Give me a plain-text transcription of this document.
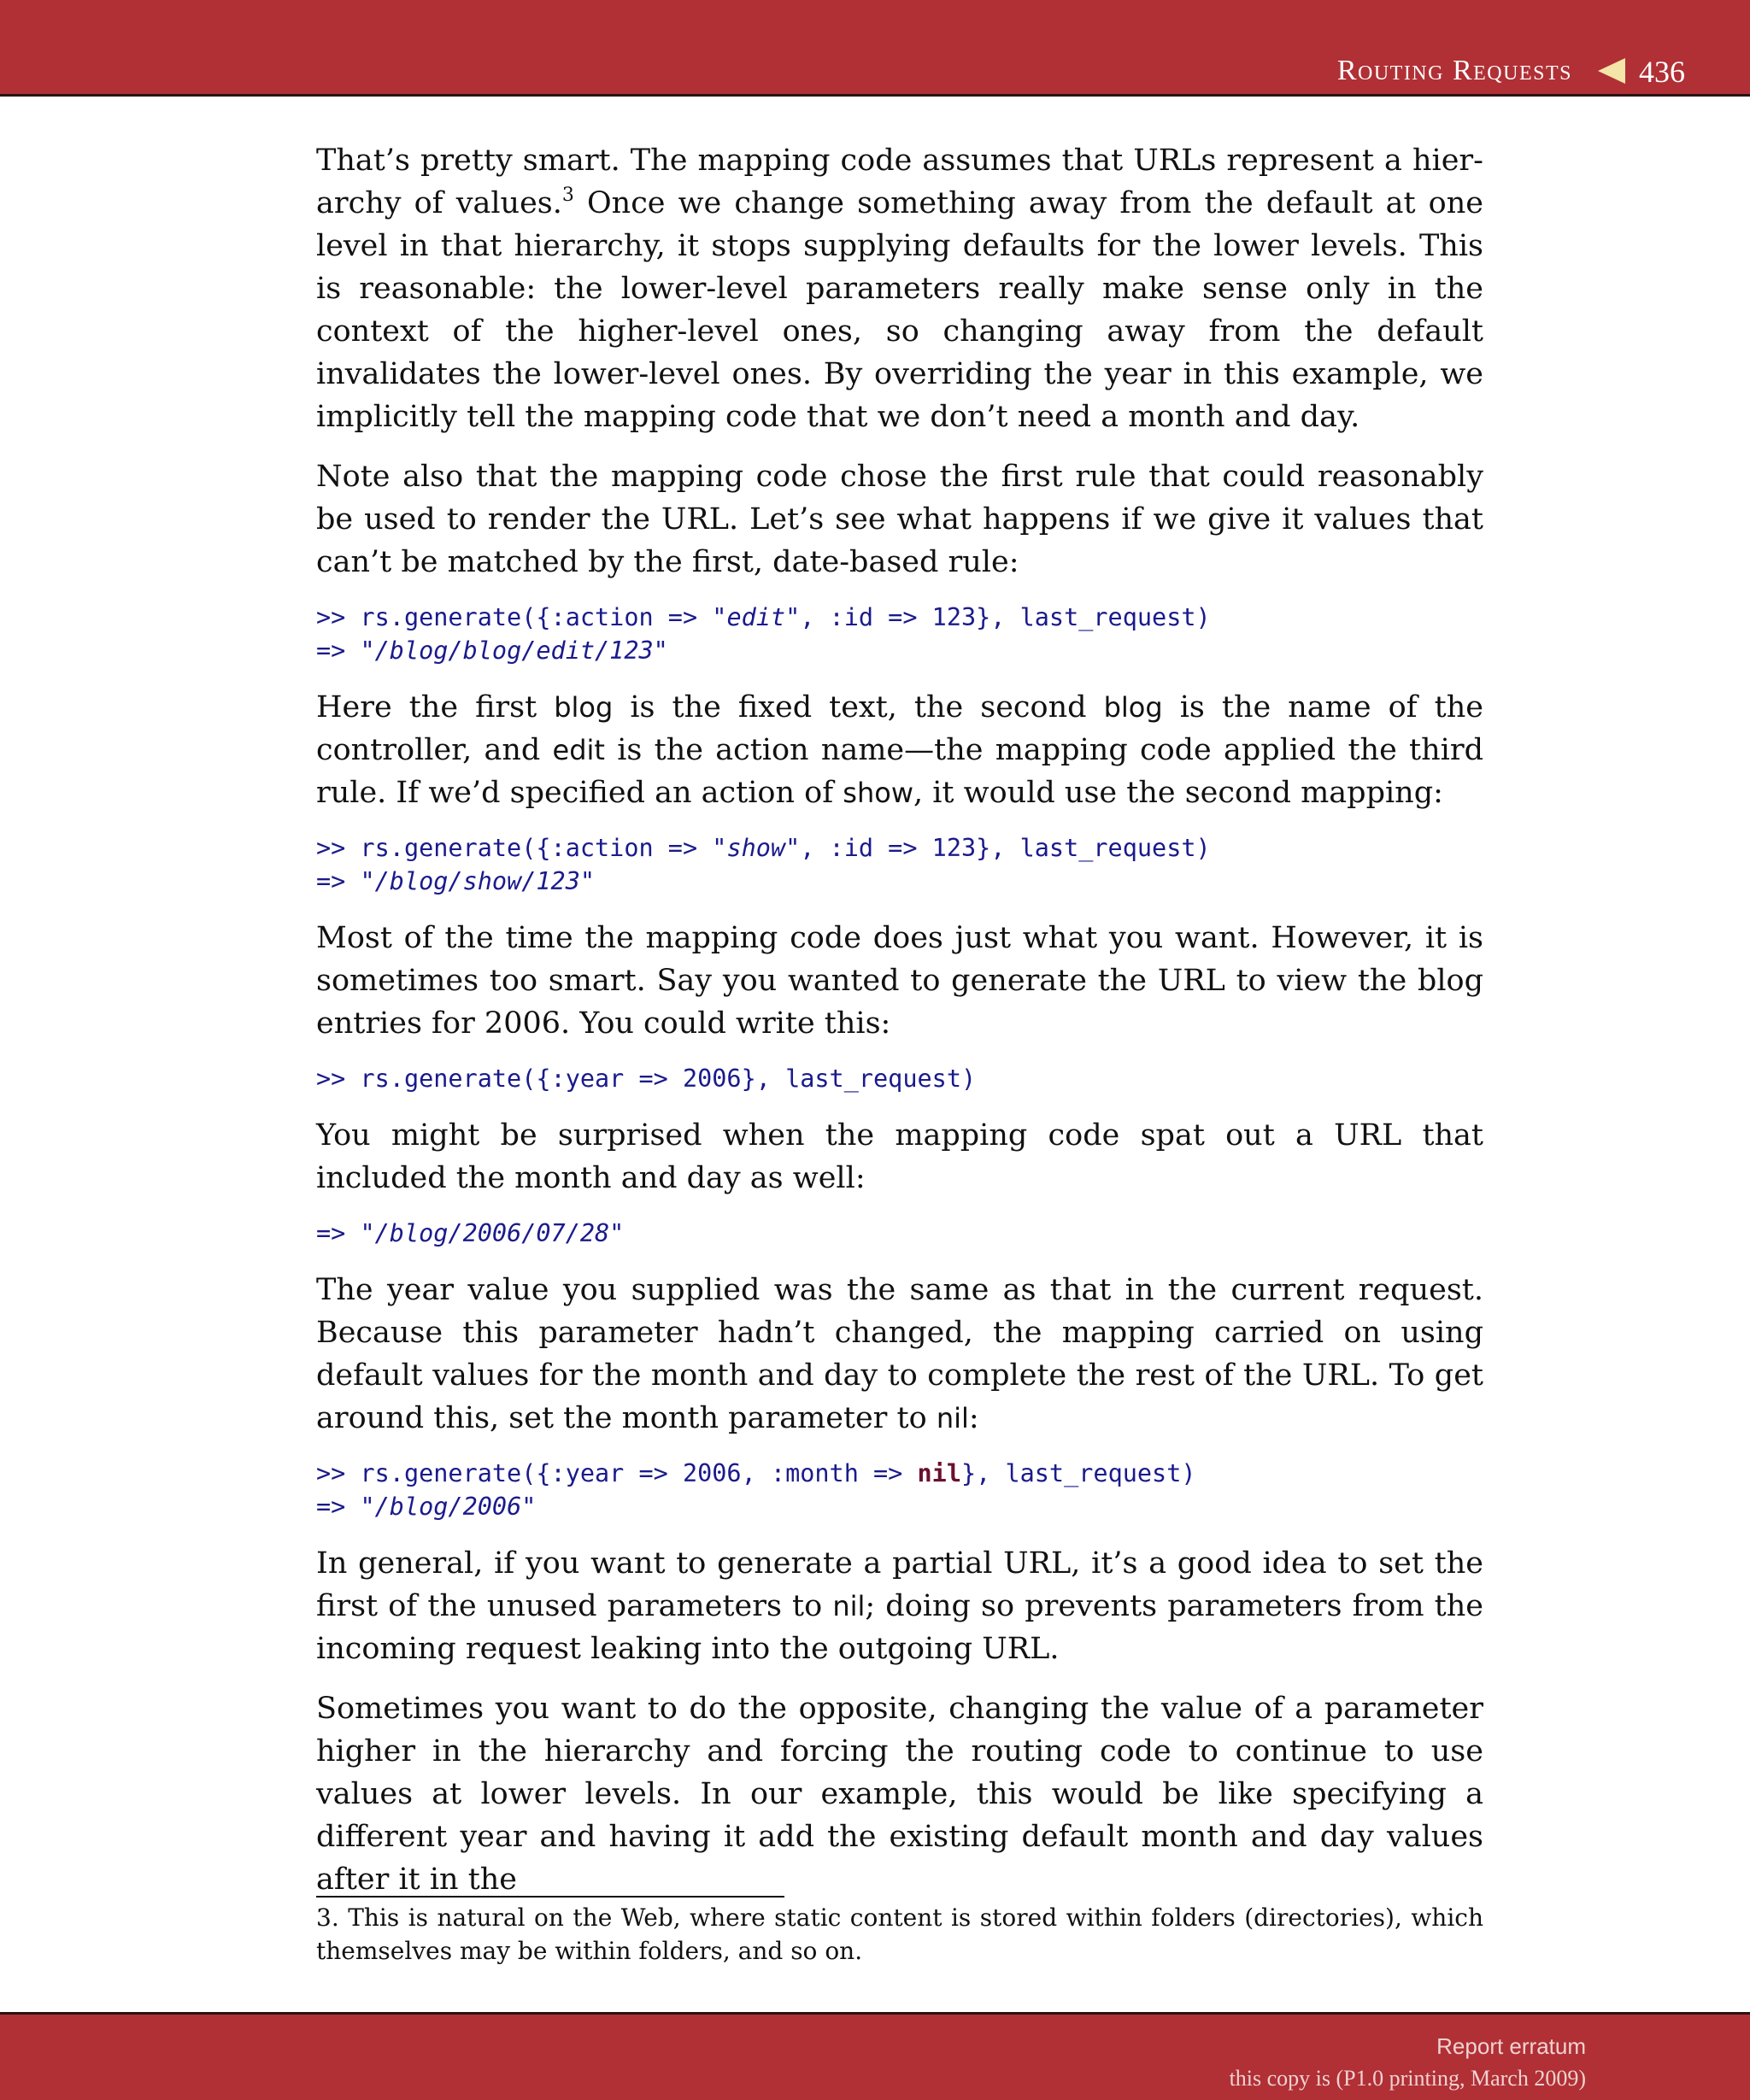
Routing Requests 436

That’s pretty smart. The mapping code assumes that URLs represent a hier-archy of values.$^3$ Once we change something away from the default at one level in that hierarchy, it stops supplying defaults for the lower levels. This is reasonable: the lower-level parameters really make sense only in the context of the higher-level ones, so changing away from the default invalidates the lower-level ones. By overriding the year in this example, we implicitly tell the mapping code that we don’t need a month and day.

Note also that the mapping code chose the first rule that could reasonably be used to render the URL. Let’s see what happens if we give it values that can’t be matched by the first, date-based rule:

>> rs.generate({:action => "edit", :id => 123}, last_request)
=> "/blog/blog/edit/123"

Here the first blog is the fixed text, the second blog is the name of the controller, and edit is the action name—the mapping code applied the third rule. If we’d specified an action of show, it would use the second mapping:

>> rs.generate({:action => "show", :id => 123}, last_request)
=> "/blog/show/123"

Most of the time the mapping code does just what you want. However, it is sometimes too smart. Say you wanted to generate the URL to view the blog entries for 2006. You could write this:

>> rs.generate({:year => 2006}, last_request)

You might be surprised when the mapping code spat out a URL that included the month and day as well:

=> "/blog/2006/07/28"

The year value you supplied was the same as that in the current request. Because this parameter hadn’t changed, the mapping carried on using default values for the month and day to complete the rest of the URL. To get around this, set the month parameter to nil:

>> rs.generate({:year => 2006, :month => nil}, last_request)
=> "/blog/2006"

In general, if you want to generate a partial URL, it’s a good idea to set the first of the unused parameters to nil; doing so prevents parameters from the incoming request leaking into the outgoing URL.

Sometimes you want to do the opposite, changing the value of a parameter higher in the hierarchy and forcing the routing code to continue to use values at lower levels. In our example, this would be like specifying a different year and having it add the existing default month and day values after it in the

3. This is natural on the Web, where static content is stored within folders (directories), which themselves may be within folders, and so on.
Report erratum
this copy is (P1.0 printing, March 2009)
